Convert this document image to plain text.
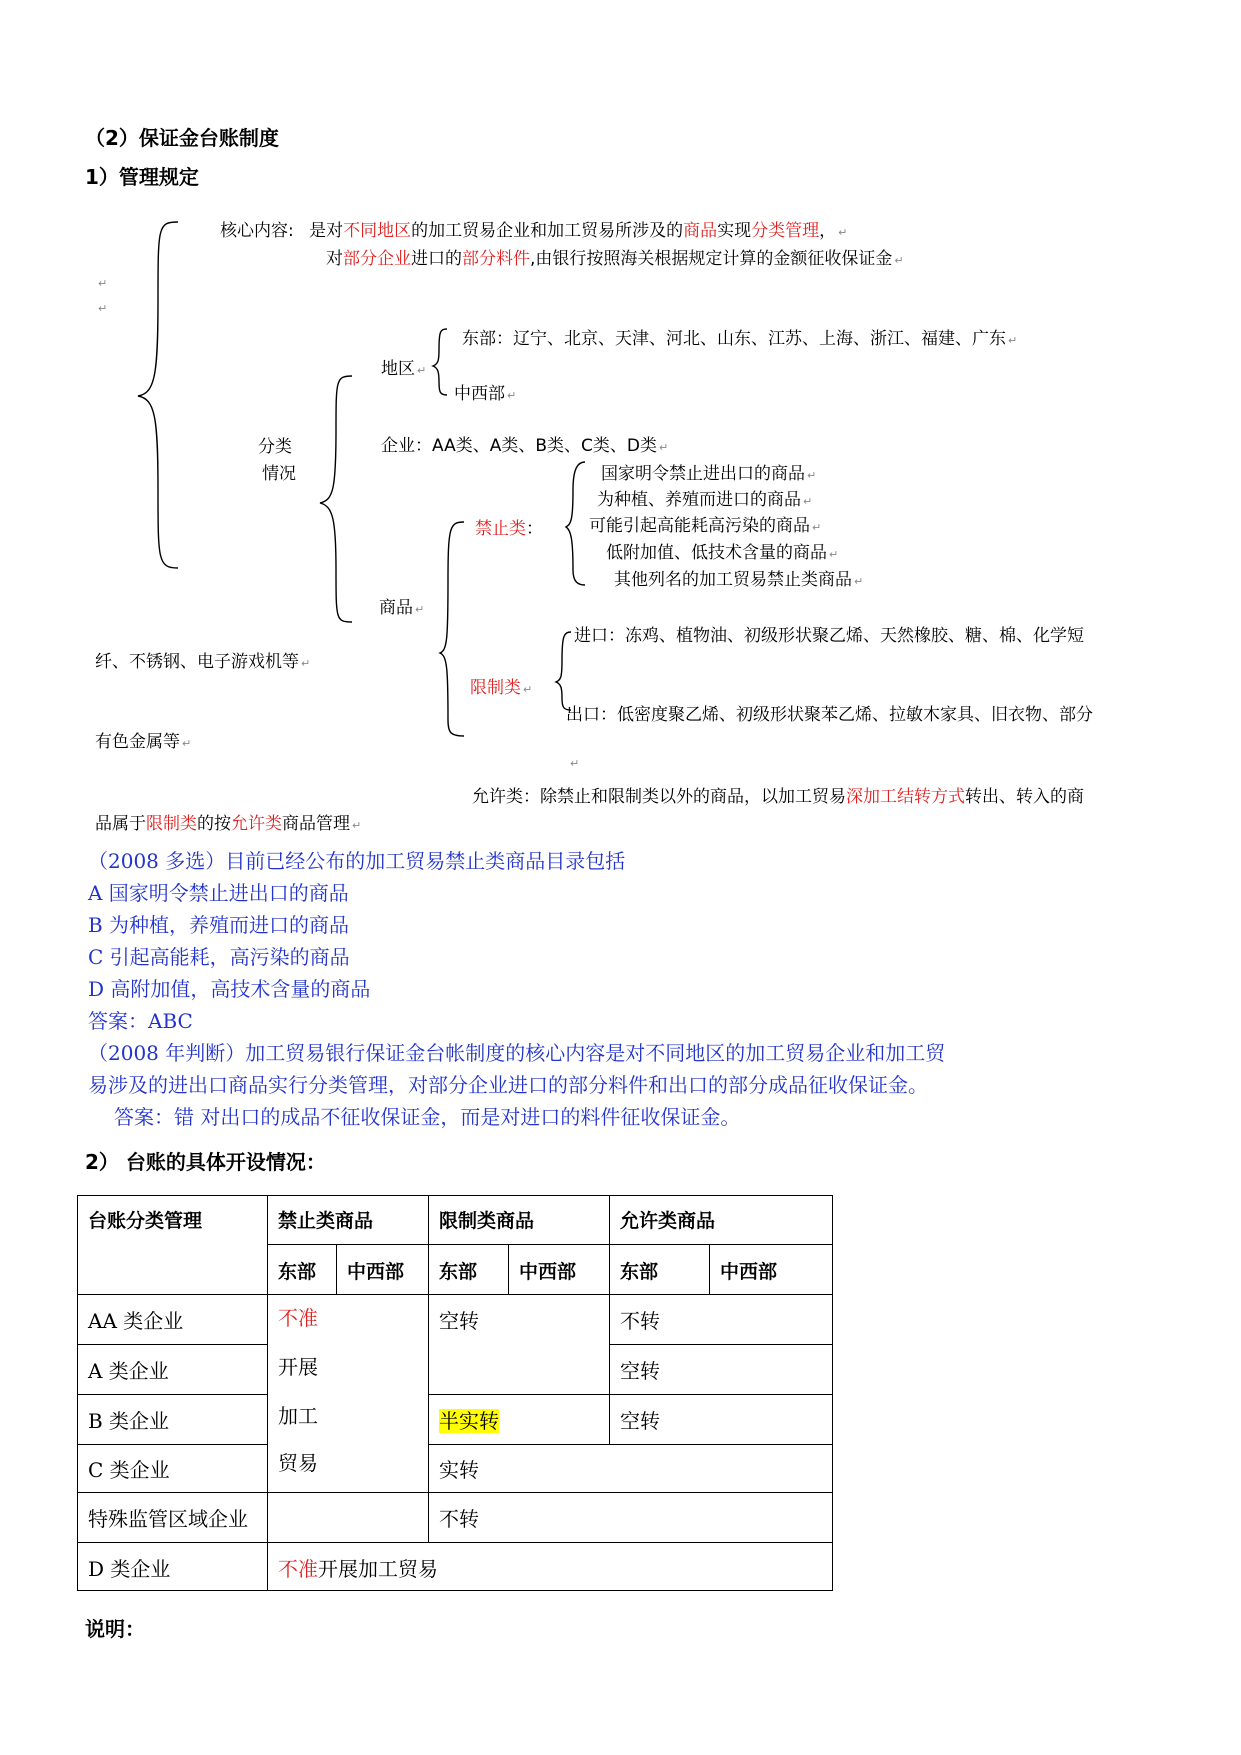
（2）保证金台账制度
1）管理规定
核心内容: 是对不同地区的加工贸易企业和加工贸易所涉及的商品实现分类管理， ↵
对部分企业进口的部分料件,由银行按照海关根据规定计算的金额征收保证金 ↵
↵
↵
分类
情况
地区 ↵
东部：辽宁、北京、天津、河北、山东、江苏、上海、浙江、福建、广东 ↵
中西部 ↵
企业：AA类、A类、B类、C类、D类 ↵
禁止类：
国家明令禁止进出口的商品 ↵
为种植、养殖而进口的商品 ↵
可能引起高能耗高污染的商品 ↵
低附加值、低技术含量的商品 ↵
其他列名的加工贸易禁止类商品 ↵
商品 ↵
进口：冻鸡、植物油、初级形状聚乙烯、天然橡胶、糖、棉、化学短
纤、不锈钢、电子游戏机等 ↵
限制类 ↵
出口：低密度聚乙烯、初级形状聚苯乙烯、拉敏木家具、旧衣物、部分
有色金属等 ↵
↵
允许类：除禁止和限制类以外的商品，以加工贸易深加工结转方式转出、转入的商
品属于限制类的按允许类商品管理 ↵
（2008 多选）目前已经公布的加工贸易禁止类商品目录包括
A 国家明令禁止进出口的商品
B 为种植，养殖而进口的商品
C 引起高能耗，高污染的商品
D 高附加值，高技术含量的商品
答案：ABC
（2008 年判断）加工贸易银行保证金台帐制度的核心内容是对不同地区的加工贸易企业和加工贸
易涉及的进出口商品实行分类管理，对部分企业进口的部分料件和出口的部分成品征收保证金。
答案：错 对出口的成品不征收保证金，而是对进口的料件征收保证金。
2） 台账的具体开设情况：
台账分类管理	禁止类商品		限制类商品		允许类商品	
	东部	中西部	东部	中西部	东部	中西部
AA 类企业	不准
开展
加工
贸易		空转		不转	
A 类企业					空转	
B 类企业			半实转		空转	
C 类企业			实转			
特殊监管区域企业			不转			
D 类企业	不准开展加工贸易					
说明：
